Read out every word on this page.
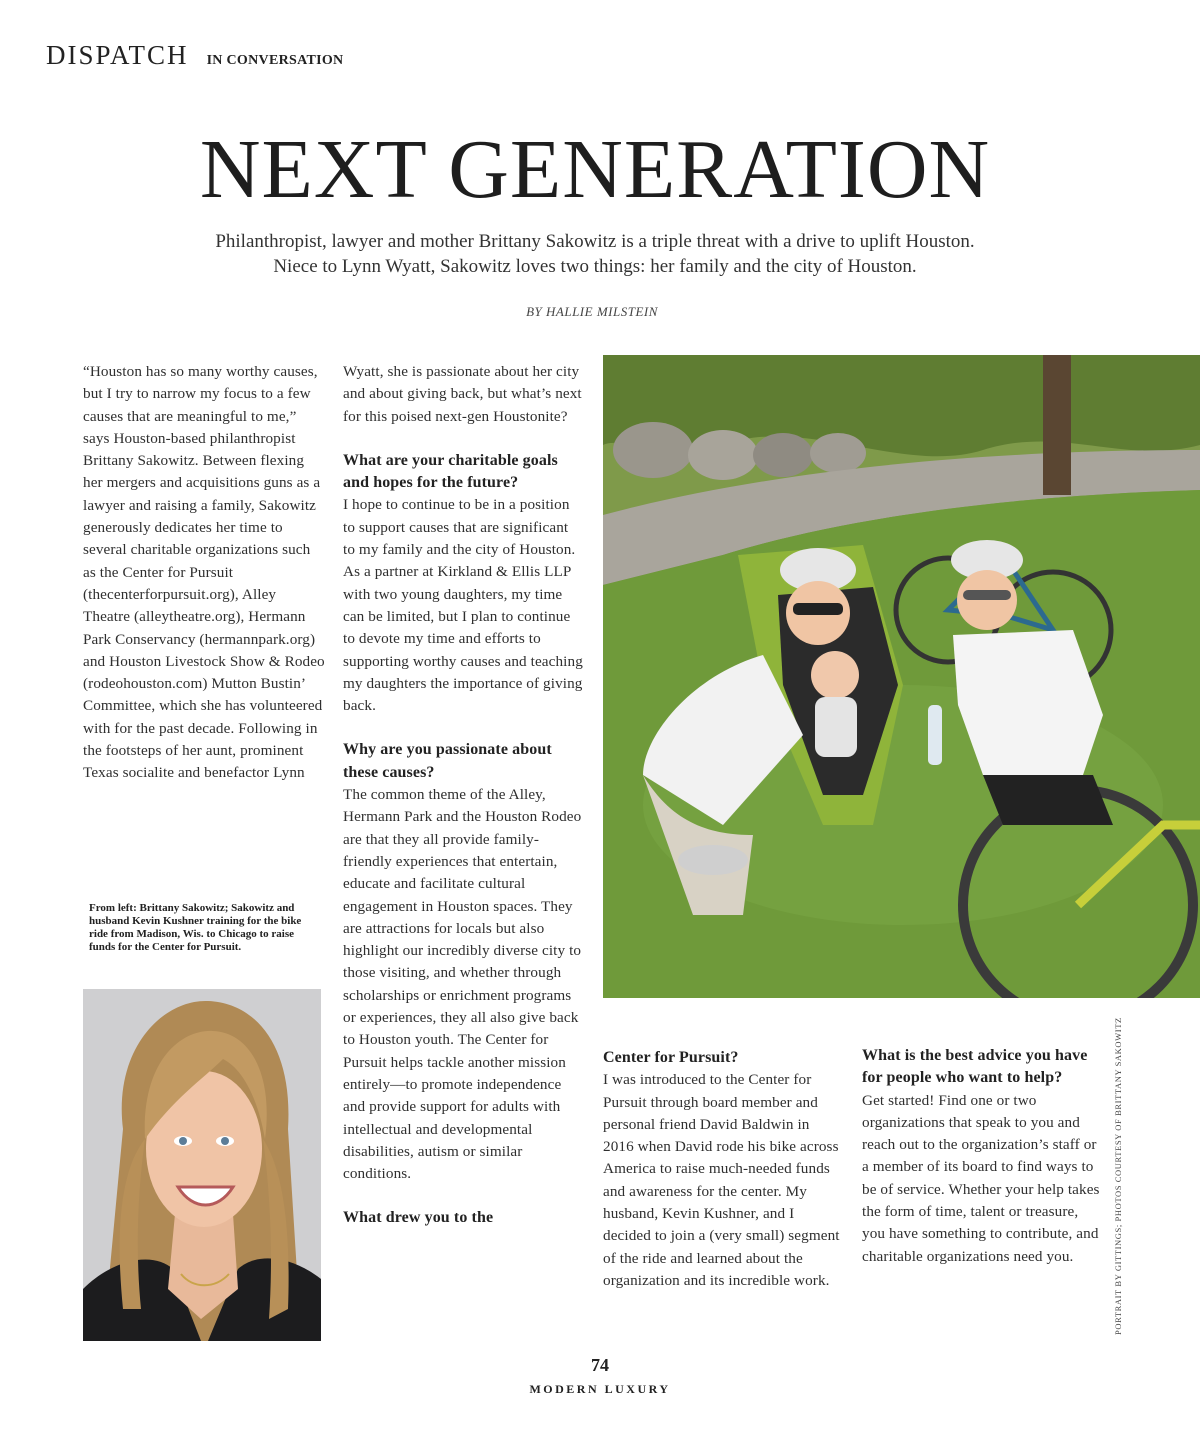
DISPATCH IN CONVERSATION
NEXT GENERATION
Philanthropist, lawyer and mother Brittany Sakowitz is a triple threat with a drive to uplift Houston.
Niece to Lynn Wyatt, Sakowitz loves two things: her family and the city of Houston.
BY HALLIE MILSTEIN

“Houston has so many worthy causes, but I try to narrow my focus to a few causes that are meaningful to me,” says Houston-based philanthropist Brittany Sakowitz. Between flexing her mergers and acquisitions guns as a lawyer and raising a family, Sakowitz generously dedicates her time to several charitable organizations such as the Center for Pursuit (thecenterforpursuit.org), Alley Theatre (alleytheatre.org), Hermann Park Conservancy (hermannpark.org) and Houston Livestock Show & Rodeo (rodeohouston.com) Mutton Bustin’ Committee, which she has volunteered with for the past decade. Following in the footsteps of her aunt, prominent Texas socialite and benefactor Lynn

From left: Brittany Sakowitz; Sakowitz and husband Kevin Kushner training for the bike ride from Madison, Wis. to Chicago to raise funds for the Center for Pursuit.

Wyatt, she is passionate about her city and about giving back, but what’s next for this poised next-gen Houstonite?

What are your charitable goals and hopes for the future?

I hope to continue to be in a position to support causes that are significant to my family and the city of Houston. As a partner at Kirkland & Ellis LLP with two young daughters, my time can be limited, but I plan to continue to devote my time and efforts to supporting worthy causes and teaching my daughters the importance of giving back.

Why are you passionate about these causes?

The common theme of the Alley, Hermann Park and the Houston Rodeo are that they all provide family-friendly experiences that entertain, educate and facilitate cultural engagement in Houston spaces. They are attractions for locals but also highlight our incredibly diverse city to those visiting, and whether through scholarships or enrichment programs or experiences, they all also give back to Houston youth. The Center for Pursuit helps tackle another mission entirely—to promote independence and provide support for adults with intellectual and developmental disabilities, autism or similar conditions.

What drew you to the

Center for Pursuit?

I was introduced to the Center for Pursuit through board member and personal friend David Baldwin in 2016 when David rode his bike across America to raise much-needed funds and awareness for the center. My husband, Kevin Kushner, and I decided to join a (very small) segment of the ride and learned about the organization and its incredible work.

What is the best advice you have for people who want to help?

Get started! Find one or two organizations that speak to you and reach out to the organization’s staff or a member of its board to find ways to be of service. Whether your help takes the form of time, talent or treasure, you have something to contribute, and charitable organizations need you.	PORTRAIT BY GITTINGS; PHOTOS COURTESY OF BRITTANY SAKOWITZ
74
MODERN LUXURY
